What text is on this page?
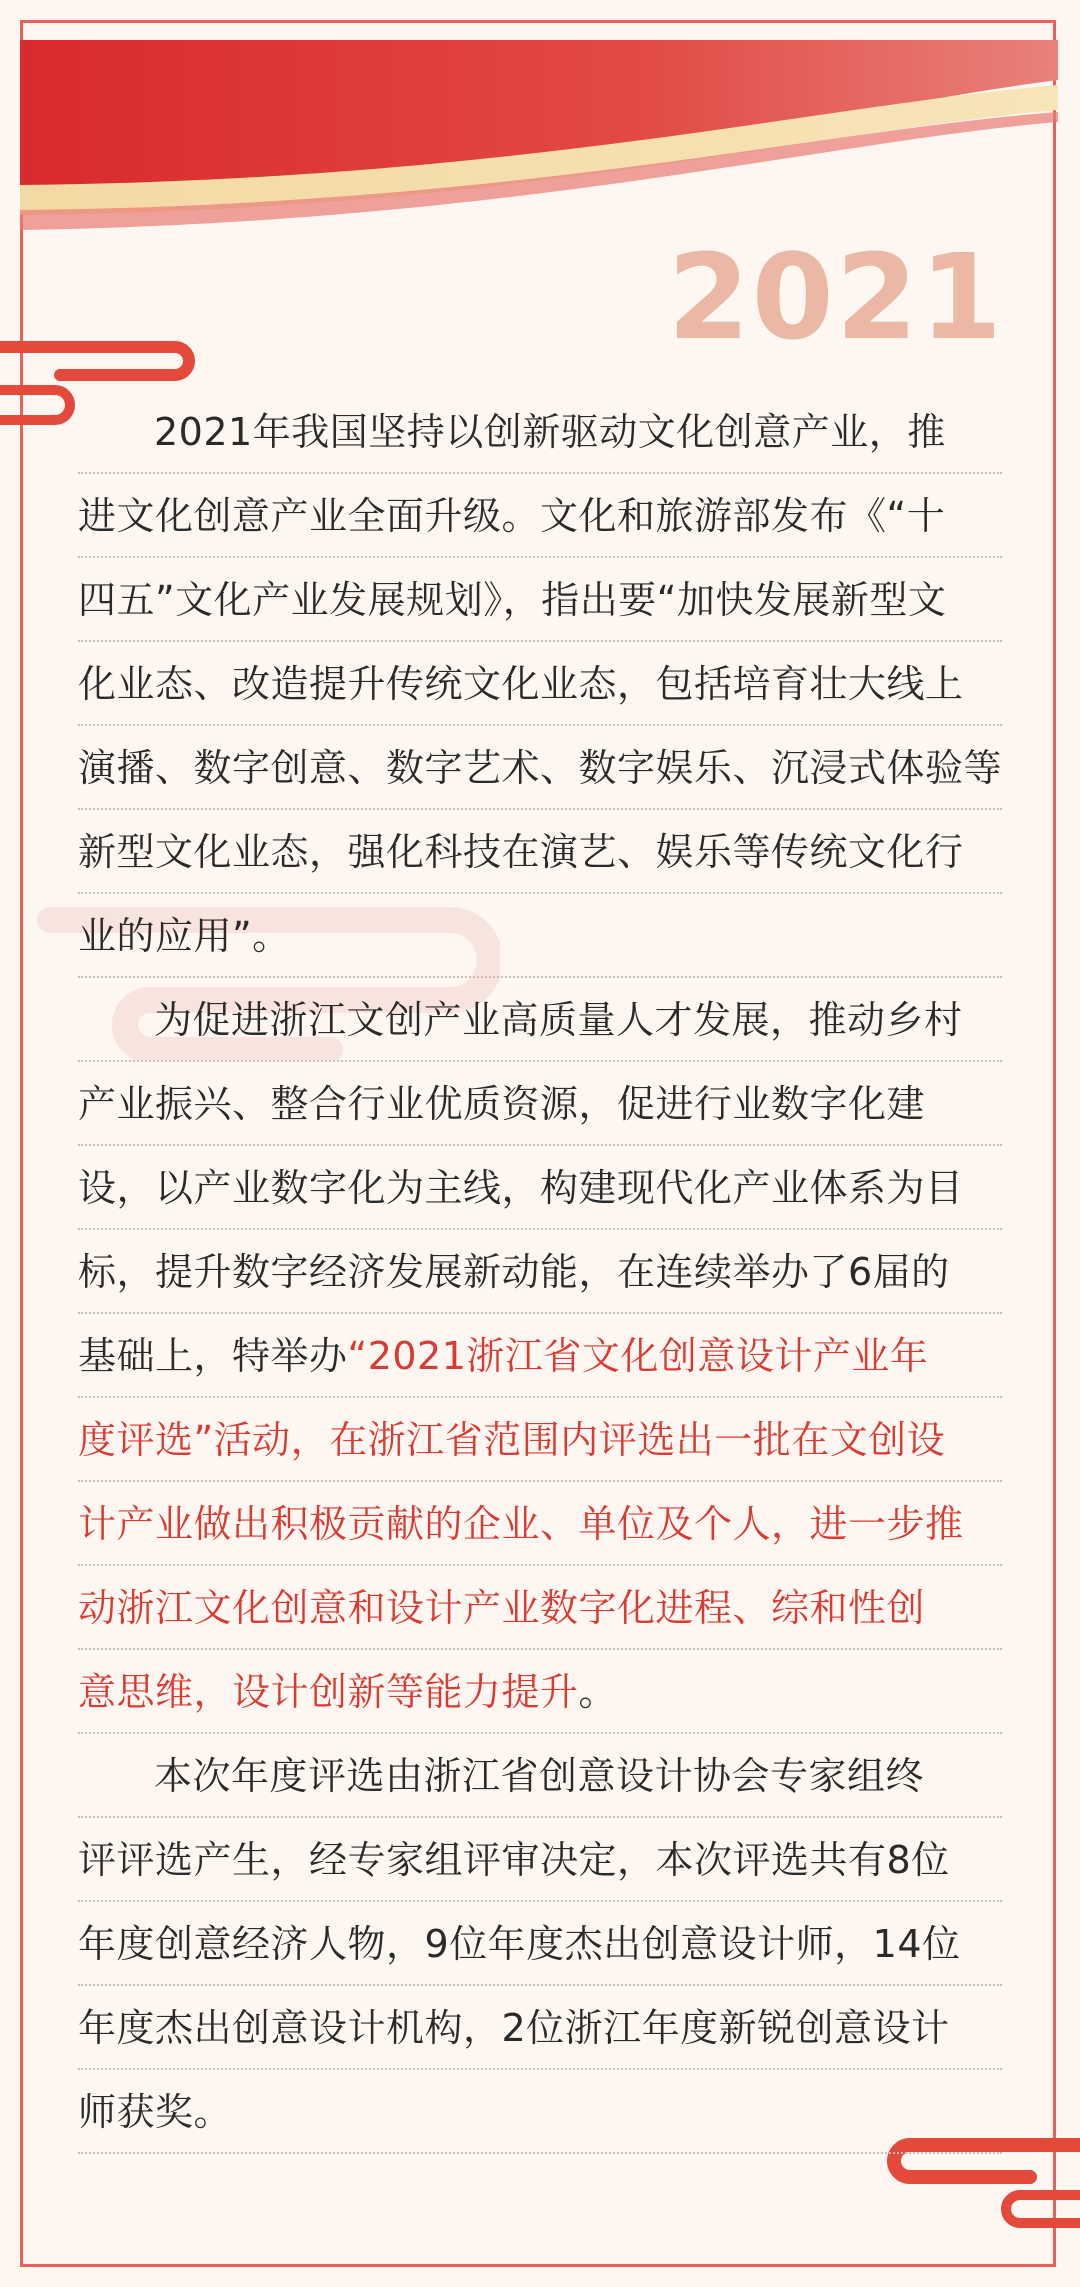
2021
2021年我国坚持以创新驱动文化创意产业，推
进文化创意产业全面升级。文化和旅游部发布《“十
四五”文化产业发展规划》，指出要“加快发展新型文
化业态、改造提升传统文化业态，包括培育壮大线上
演播、数字创意、数字艺术、数字娱乐、沉浸式体验等
新型文化业态，强化科技在演艺、娱乐等传统文化行
业的应用”。
为促进浙江文创产业高质量人才发展，推动乡村
产业振兴、整合行业优质资源，促进行业数字化建
设，以产业数字化为主线，构建现代化产业体系为目
标，提升数字经济发展新动能，在连续举办了6届的
基础上，特举办“2021浙江省文化创意设计产业年
度评选”活动，在浙江省范围内评选出一批在文创设
计产业做出积极贡献的企业、单位及个人，进一步推
动浙江文化创意和设计产业数字化进程、综和性创
意思维，设计创新等能力提升。
本次年度评选由浙江省创意设计协会专家组终
评评选产生，经专家组评审决定，本次评选共有8位
年度创意经济人物，9位年度杰出创意设计师，14位
年度杰出创意设计机构，2位浙江年度新锐创意设计
师获奖。
